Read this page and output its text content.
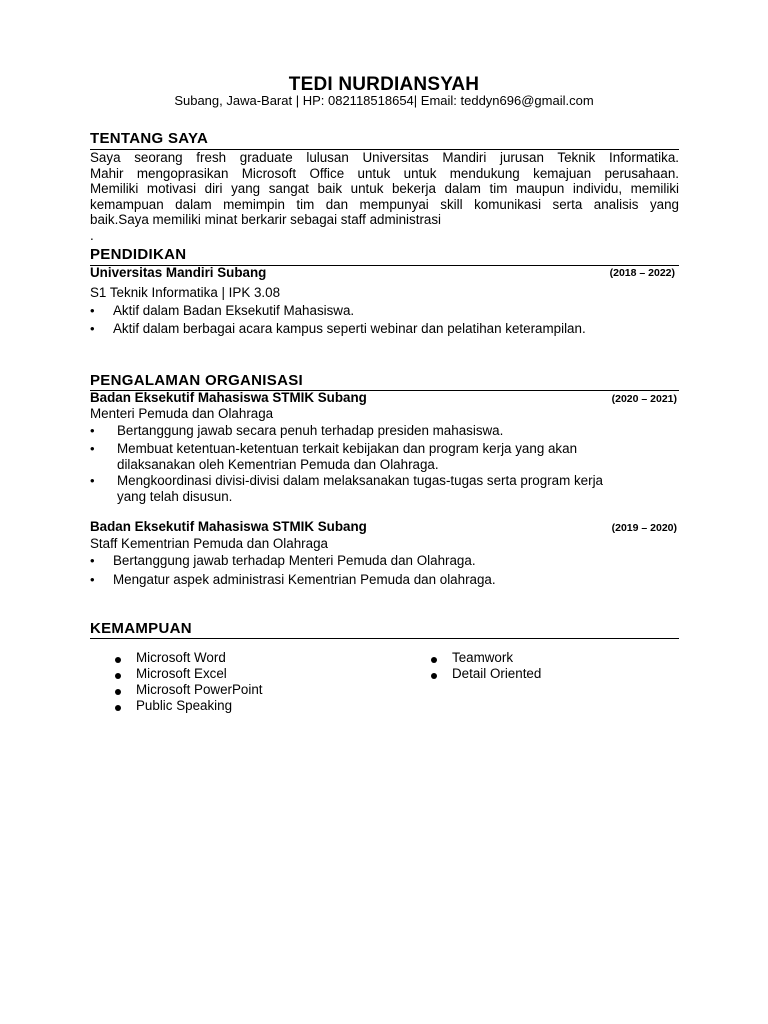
TEDI NURDIANSYAH
Subang, Jawa-Barat | HP: 082118518654| Email: teddyn696@gmail.com
TENTANG SAYA
Saya seorang fresh graduate lulusan Universitas Mandiri jurusan Teknik Informatika.
Mahir mengoprasikan Microsoft Office untuk untuk mendukung kemajuan perusahaan.
Memiliki motivasi diri yang sangat baik untuk bekerja dalam tim maupun individu, memiliki
kemampuan dalam memimpin tim dan mempunyai skill komunikasi serta analisis yang
baik.Saya memiliki minat berkarir sebagai staff administrasi
.
PENDIDIKAN
Universitas Mandiri Subang	(2018 – 2022)
S1 Teknik Informatika | IPK 3.08
• Aktif dalam Badan Eksekutif Mahasiswa.
• Aktif dalam berbagai acara kampus seperti webinar dan pelatihan keterampilan.
PENGALAMAN ORGANISASI
Badan Eksekutif Mahasiswa STMIK Subang	(2020 – 2021)
Menteri Pemuda dan Olahraga
• Bertanggung jawab secara penuh terhadap presiden mahasiswa.
• Membuat ketentuan-ketentuan terkait kebijakan dan program kerja yang akan
dilaksanakan oleh Kementrian Pemuda dan Olahraga.
• Mengkoordinasi divisi-divisi dalam melaksanakan tugas-tugas serta program kerja
yang telah disusun.
Badan Eksekutif Mahasiswa STMIK Subang	(2019 – 2020)
Staff Kementrian Pemuda dan Olahraga
• Bertanggung jawab terhadap Menteri Pemuda dan Olahraga.
• Mengatur aspek administrasi Kementrian Pemuda dan olahraga.
KEMAMPUAN
Microsoft Word
Microsoft Excel
Microsoft PowerPoint
Public Speaking
Teamwork
Detail Oriented
